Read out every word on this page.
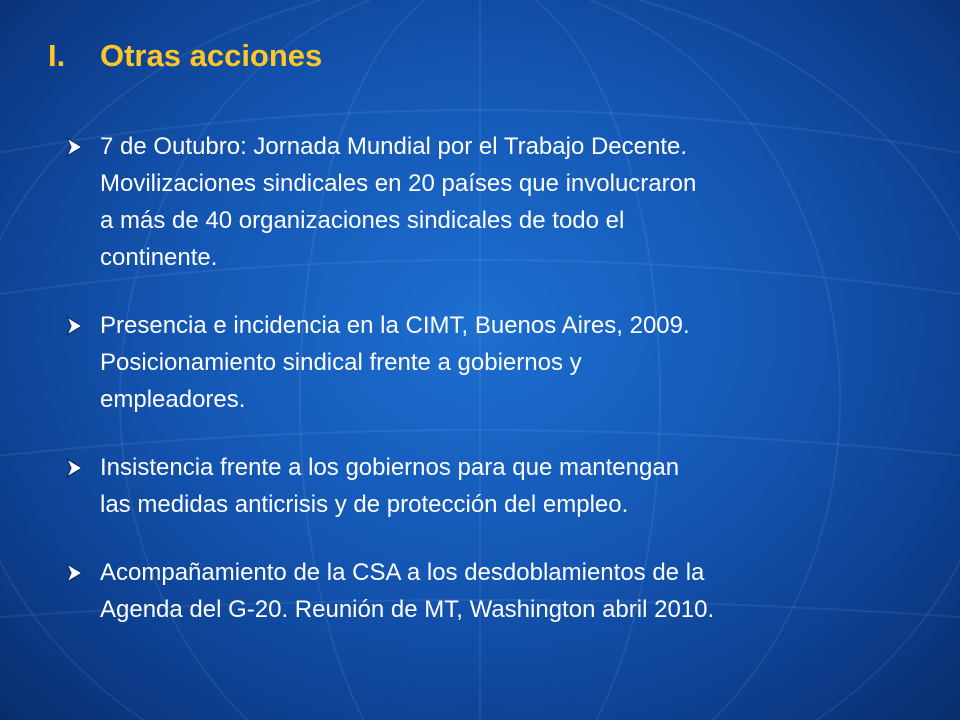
I.	Otras acciones
7 de Outubro: Jornada Mundial por el Trabajo Decente.
Movilizaciones sindicales en 20 países que involucraron
a más de 40 organizaciones sindicales de todo el
continente.
Presencia e incidencia en la CIMT, Buenos Aires, 2009.
Posicionamiento sindical frente a gobiernos y
empleadores.
Insistencia frente a los gobiernos para que mantengan
las medidas anticrisis y de protección del empleo.
Acompañamiento de la CSA a los desdoblamientos de la
Agenda del G-20. Reunión de MT, Washington abril 2010.
